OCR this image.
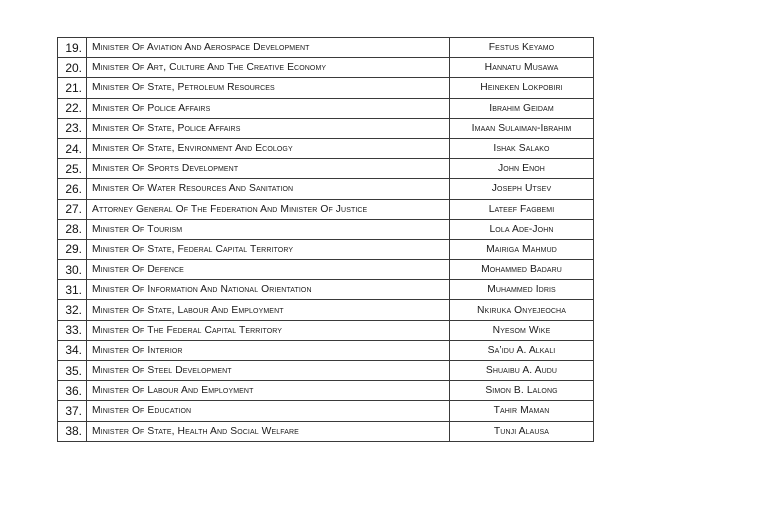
19.	Minister Of Aviation And Aerospace Development	Festus Keyamo
20.	Minister Of Art, Culture And The Creative Economy	Hannatu Musawa
21.	Minister Of State, Petroleum Resources	Heineken Lokpobiri
22.	Minister Of Police Affairs	Ibrahim Geidam
23.	Minister Of State, Police Affairs	Imaan Sulaiman-Ibrahim
24.	Minister Of State, Environment And Ecology	Ishak Salako
25.	Minister Of Sports Development	John Enoh
26.	Minister Of Water Resources And Sanitation	Joseph Utsev
27.	Attorney General Of The Federation And Minister Of Justice	Lateef Fagbemi
28.	Minister Of Tourism	Lola Ade-John
29.	Minister Of State, Federal Capital Territory	Mairiga Mahmud
30.	Minister Of Defence	Mohammed Badaru
31.	Minister Of Information And National Orientation	Muhammed Idris
32.	Minister Of State, Labour And Employment	Nkiruka Onyejeocha
33.	Minister Of The Federal Capital Territory	Nyesom Wike
34.	Minister Of Interior	Sa’idu A. Alkali
35.	Minister Of Steel Development	Shuaibu A. Audu
36.	Minister Of Labour And Employment	Simon B. Lalong
37.	Minister Of Education	Tahir Maman
38.	Minister Of State, Health And Social Welfare	Tunji Alausa
